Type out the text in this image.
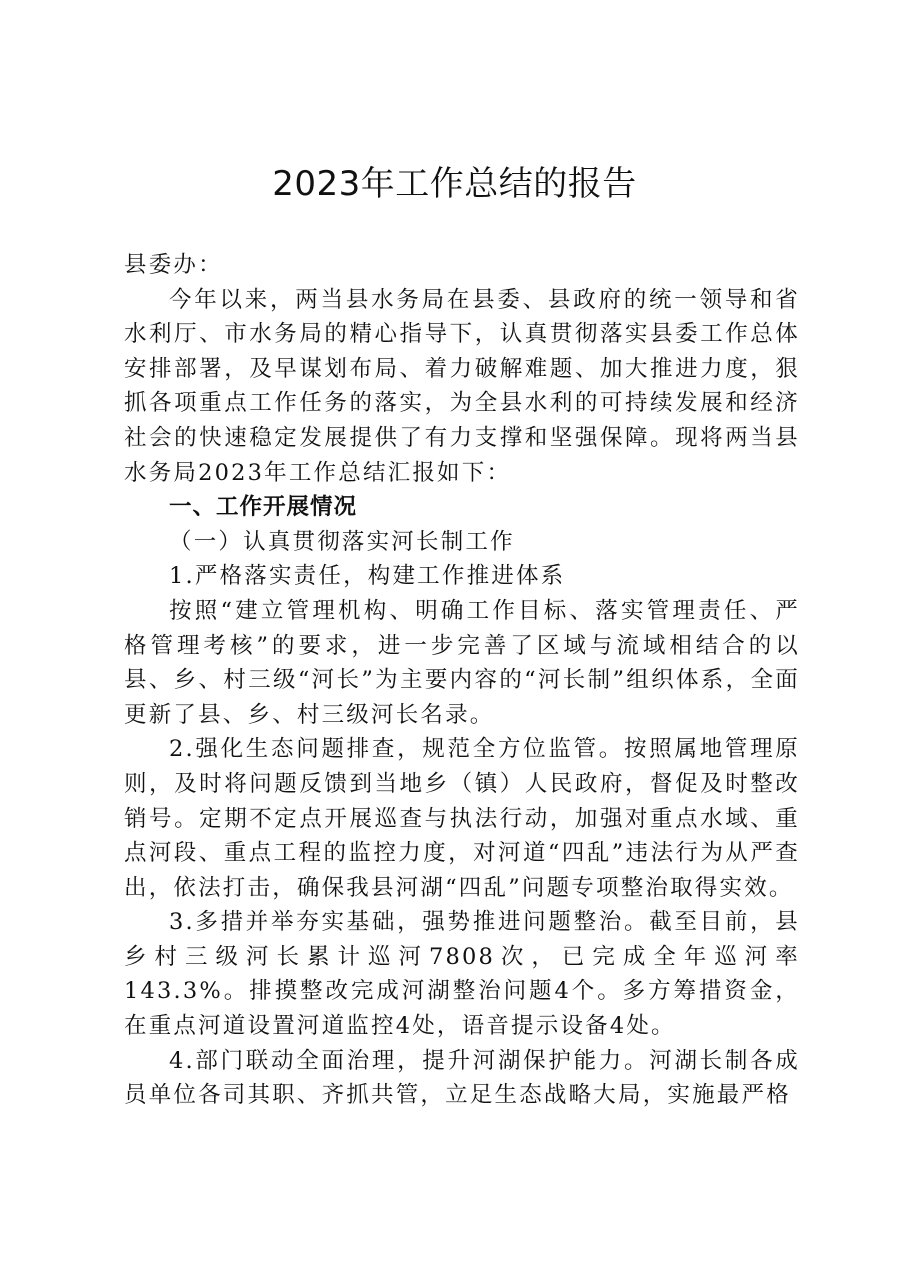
2023年工作总结的报告

县委办：

今年以来，两当县水务局在县委、县政府的统一领导和省水利厅、市水务局的精心指导下，认真贯彻落实县委工作总体安排部署，及早谋划布局、着力破解难题、加大推进力度，狠抓各项重点工作任务的落实，为全县水利的可持续发展和经济社会的快速稳定发展提供了有力支撑和坚强保障。现将两当县水务局2023年工作总结汇报如下：

一、工作开展情况

（一）认真贯彻落实河长制工作

1.严格落实责任，构建工作推进体系

按照“建立管理机构、明确工作目标、落实管理责任、严格管理考核”的要求，进一步完善了区域与流域相结合的以县、乡、村三级“河长”为主要内容的“河长制”组织体系，全面更新了县、乡、村三级河长名录。

2.强化生态问题排查，规范全方位监管。按照属地管理原则，及时将问题反馈到当地乡（镇）人民政府，督促及时整改销号。定期不定点开展巡查与执法行动，加强对重点水域、重点河段、重点工程的监控力度，对河道“四乱”违法行为从严查出，依法打击，确保我县河湖“四乱”问题专项整治取得实效。

3.多措并举夯实基础，强势推进问题整治。截至目前，县乡村三级河长累计巡河7808次，已完成全年巡河率143.3%。排摸整改完成河湖整治问题4个。多方筹措资金，在重点河道设置河道监控4处，语音提示设备4处。

4.部门联动全面治理，提升河湖保护能力。河湖长制各成员单位各司其职、齐抓共管，立足生态战略大局，实施最严格
